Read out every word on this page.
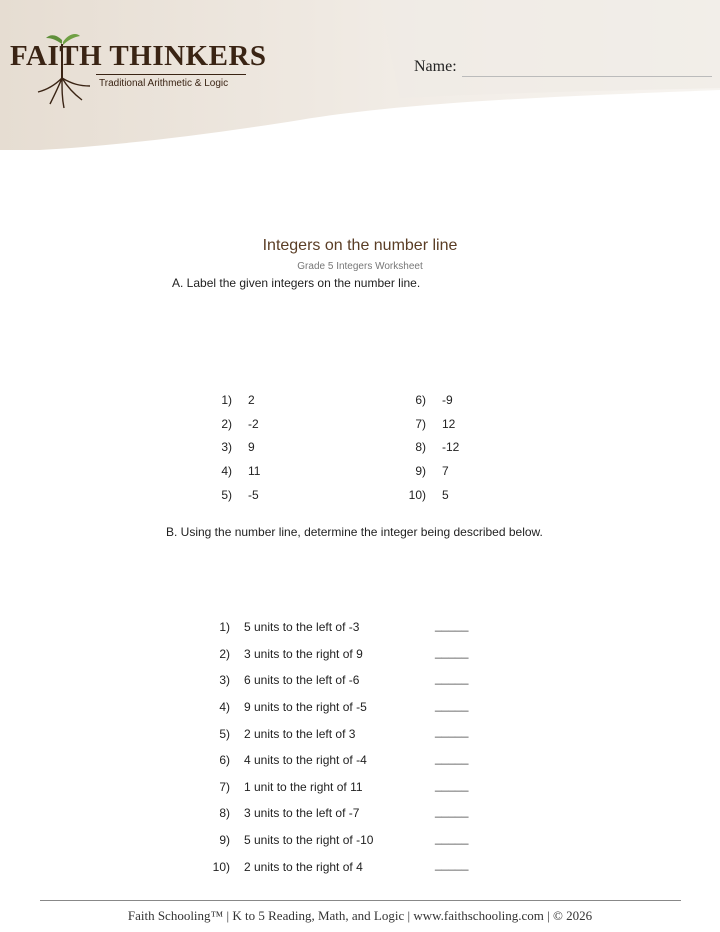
FAITH THINKERS
Traditional Arithmetic & Logic
Name:
Integers on the number line
Grade 5 Integers Worksheet
A. Label the given integers on the number line.
1) 2
2) -2
3) 9
4) 11
5) -5
6) -9
7) 12
8) -12
9) 7
10) 5
B. Using the number line, determine the integer being described below.
1) 5 units to the left of -3	_____
2) 3 units to the right of 9	_____
3) 6 units to the left of -6	_____
4) 9 units to the right of -5	_____
5) 2 units to the left of 3	_____
6) 4 units to the right of -4	_____
7) 1 unit to the right of 11	_____
8) 3 units to the left of -7	_____
9) 5 units to the right of -10	_____
10) 2 units to the right of 4	_____
Faith Schooling™ | K to 5 Reading, Math, and Logic | www.faithschooling.com | © 2026
